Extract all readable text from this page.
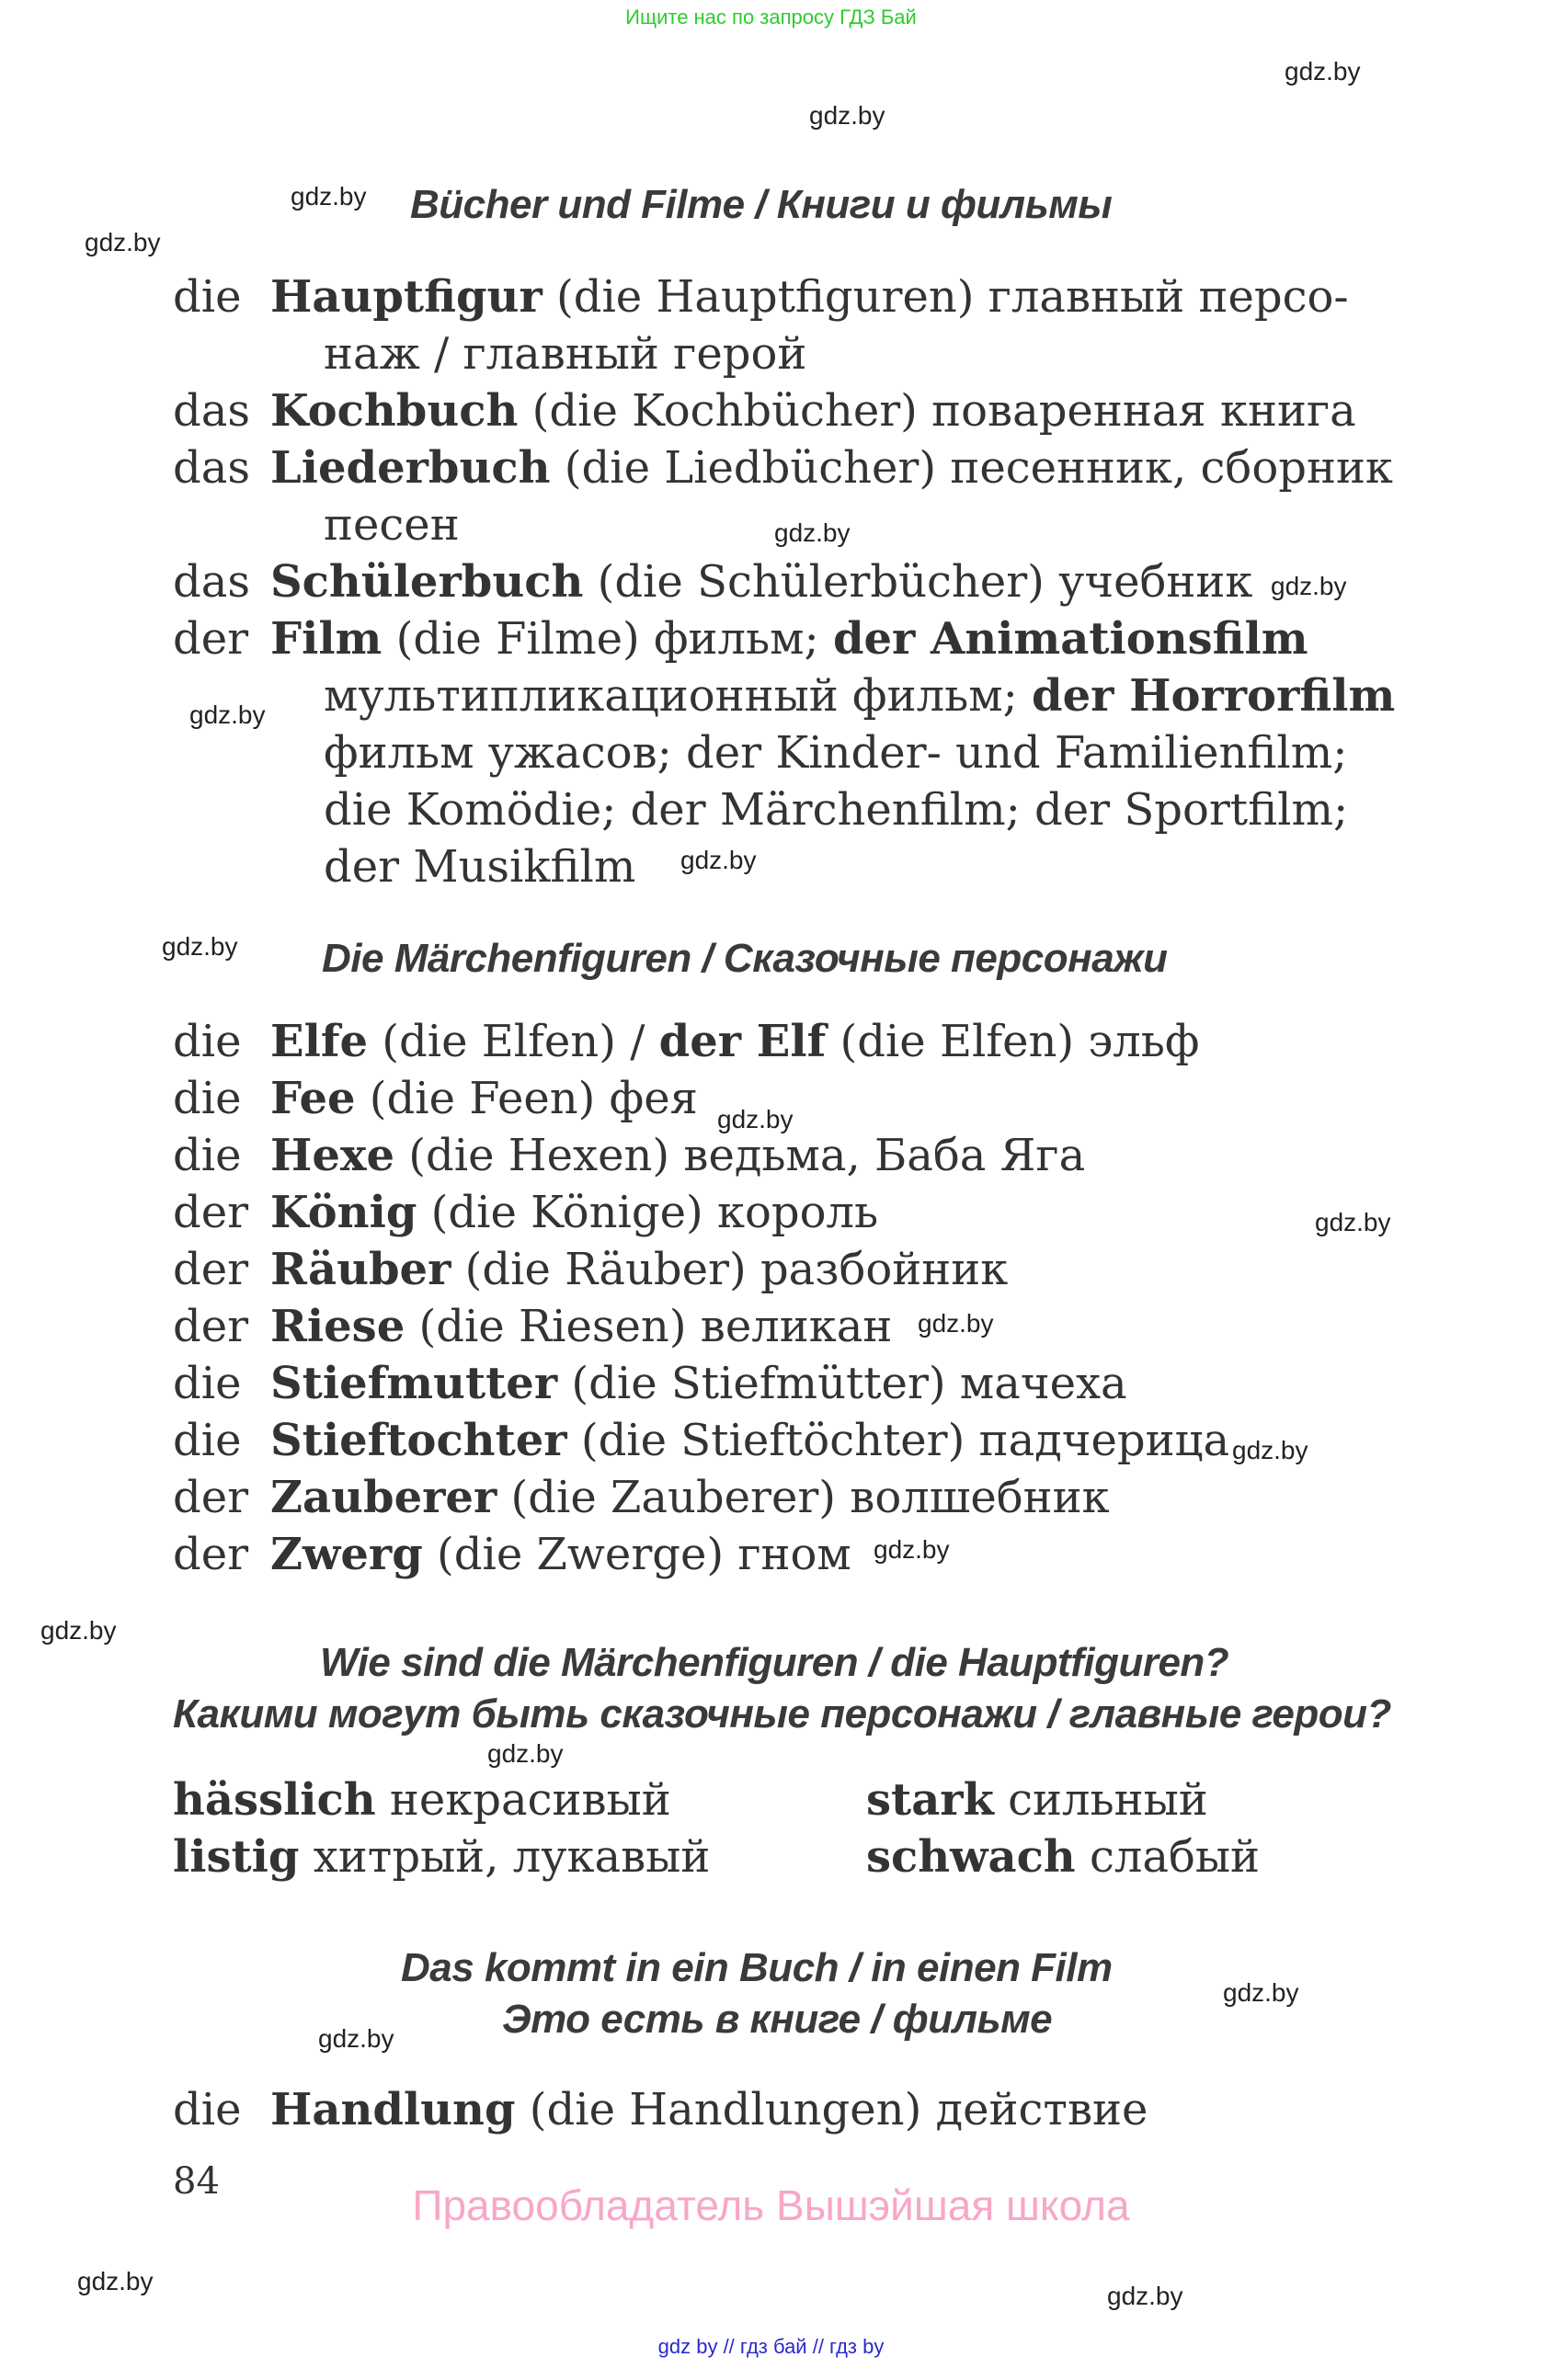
Ищите нас по запросу ГДЗ Бай
gdz.by
gdz.by
gdz.by
gdz.by
gdz.by
gdz.by
gdz.by
gdz.by
gdz.by
gdz.by
gdz.by
gdz.by
gdz.by
gdz.by
gdz.by
gdz.by
gdz.by
gdz.by
gdz.by
gdz.by
Bücher und Filme / Книги и фильмы
die Hauptfigur (die Hauptfiguren) главный персо-
наж / главный герой
das Kochbuch (die Kochbücher) поваренная книга
das Liederbuch (die Liedbücher) песенник, сборник
песен
das Schülerbuch (die Schülerbücher) учебник
der Film (die Filme) фильм; der Animationsfilm
мультипликационный фильм; der Horrorfilm
фильм ужасов; der Kinder- und Familienfilm;
die Komödie; der Märchenfilm; der Sportfilm;
der Musikfilm
Die Märchenfiguren / Сказочные персонажи
die Elfe (die Elfen) / der Elf (die Elfen) эльф
die Fee (die Feen) фея
die Hexe (die Hexen) ведьма, Баба Яга
der König (die Könige) король
der Räuber (die Räuber) разбойник
der Riese (die Riesen) великан
die Stiefmutter (die Stiefmütter) мачеха
die Stieftochter (die Stieftöchter) падчерица
der Zauberer (die Zauberer) волшебник
der Zwerg (die Zwerge) гном
Wie sind die Märchenfiguren / die Hauptfiguren?
Какими могут быть сказочные персонажи / главные герои?
hässlich некрасивый	stark сильный
listig хитрый, лукавый	schwach слабый
Das kommt in ein Buch / in einen Film
Это есть в книге / фильме
die Handlung (die Handlungen) действие
84	Правообладатель Вышэйшая школа
gdz by // гдз бай // гдз by
